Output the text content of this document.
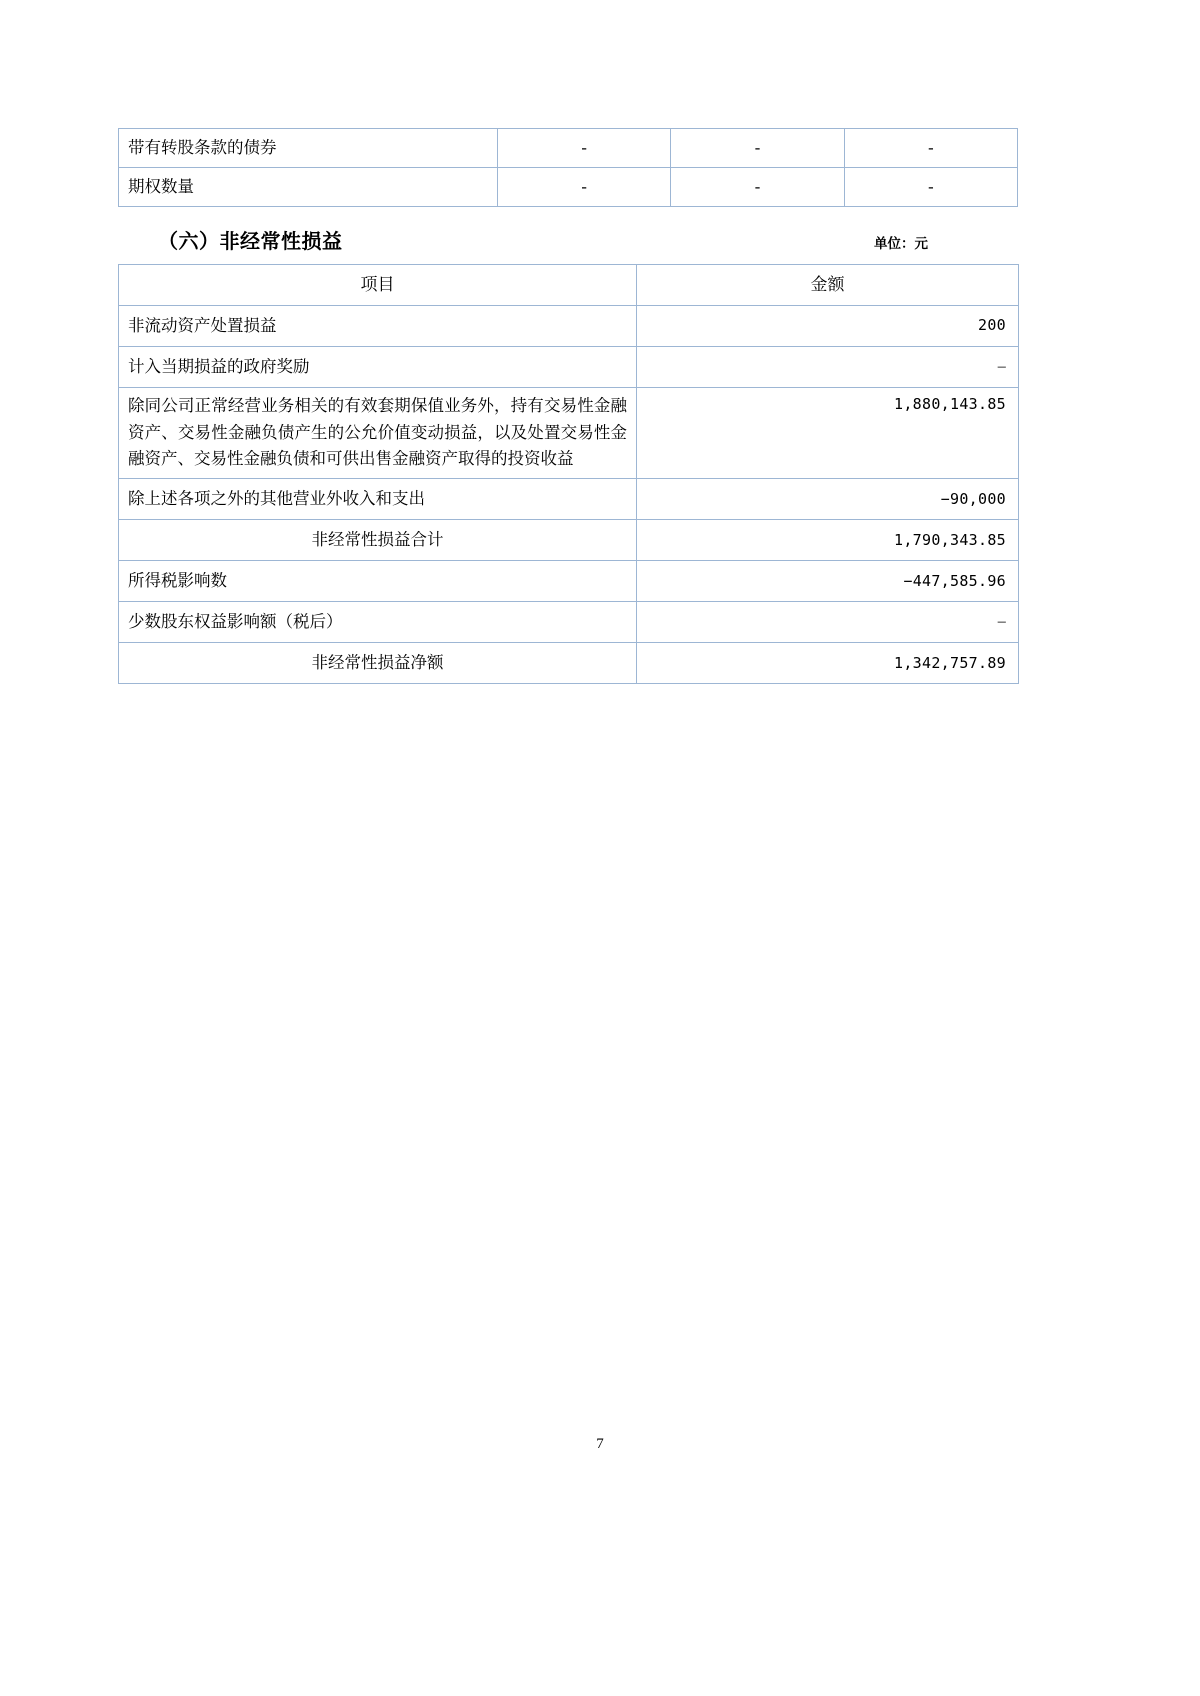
带有转股条款的债券	-	-	-
期权数量	-	-	-
（六）非经常性损益	单位：元
项目	金额
非流动资产处置损益	200
计入当期损益的政府奖励	–
除同公司正常经营业务相关的有效套期保值业务外，持有交易性金融资产、交易性金融负债产生的公允价值变动损益，以及处置交易性金融资产、交易性金融负债和可供出售金融资产取得的投资收益	1,880,143.85
除上述各项之外的其他营业外收入和支出	−90,000
非经常性损益合计	1,790,343.85
所得税影响数	−447,585.96
少数股东权益影响额（税后）	–
非经常性损益净额	1,342,757.89
7
